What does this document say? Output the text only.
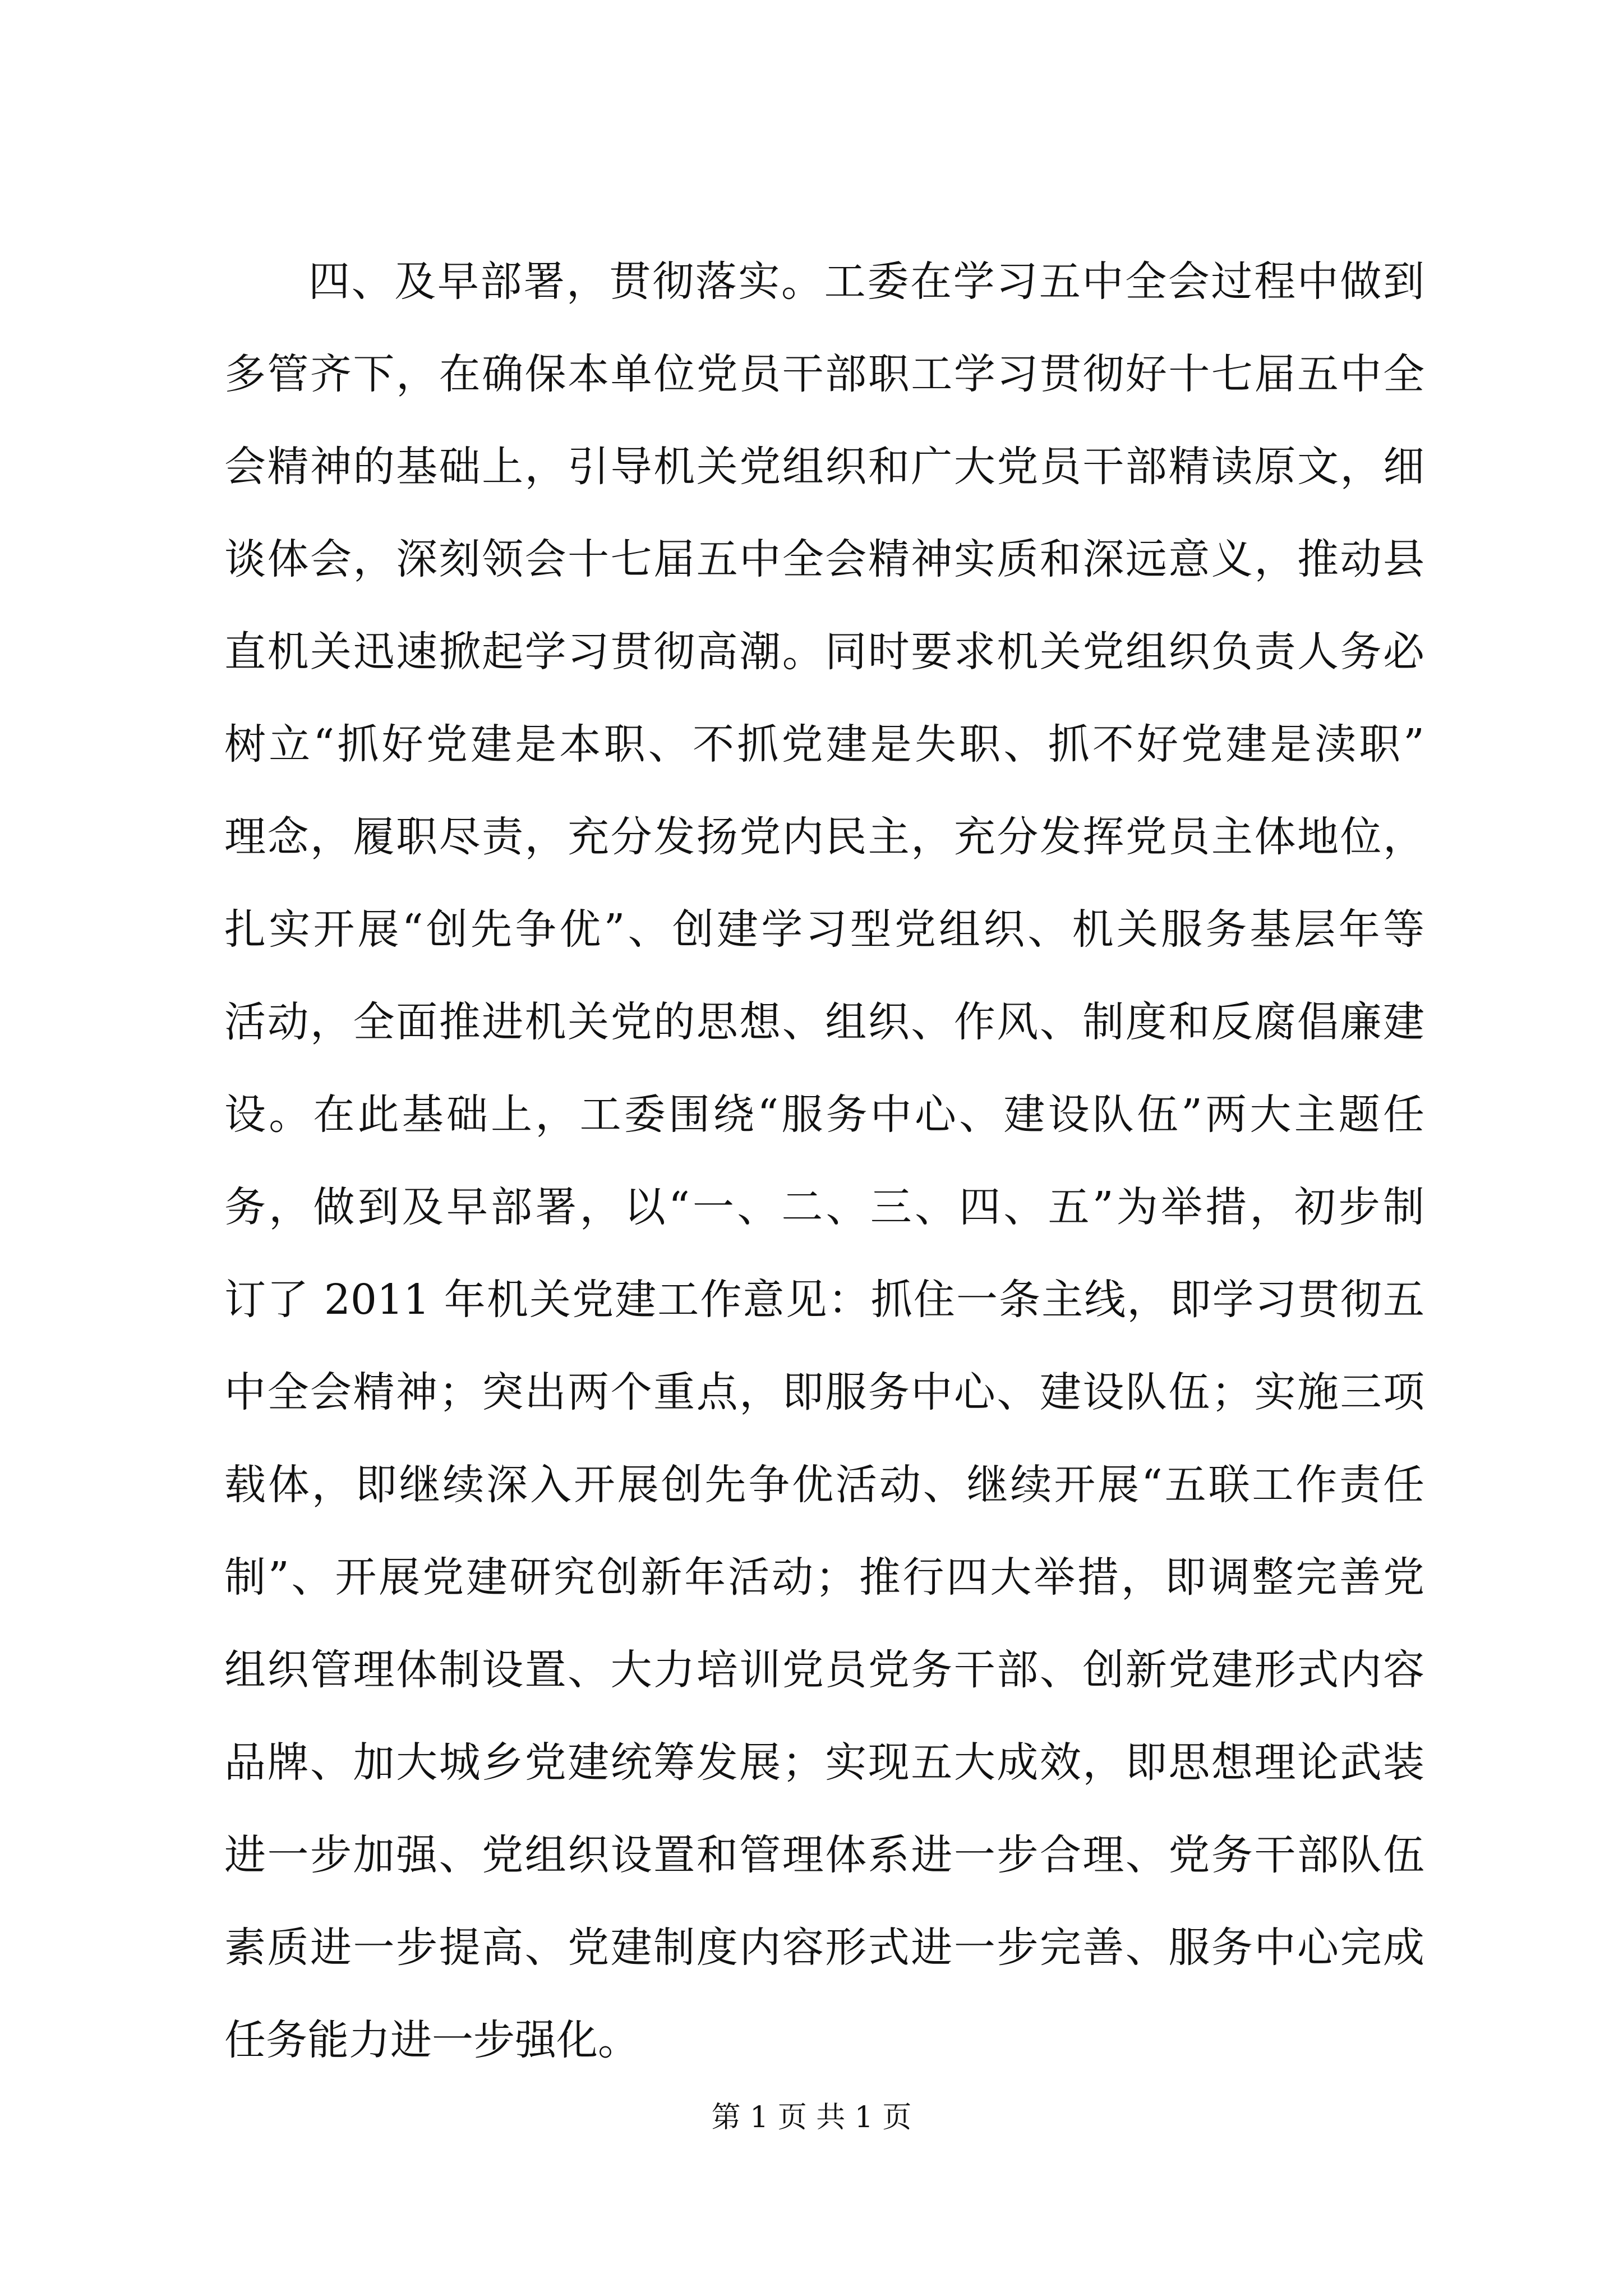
四、及早部署，贯彻落实。工委在学习五中全会过程中做到
多管齐下，在确保本单位党员干部职工学习贯彻好十七届五中全
会精神的基础上，引导机关党组织和广大党员干部精读原文，细
谈体会，深刻领会十七届五中全会精神实质和深远意义，推动县
直机关迅速掀起学习贯彻高潮。同时要求机关党组织负责人务必
树立“抓好党建是本职、不抓党建是失职、抓不好党建是渎职”
理念，履职尽责，充分发扬党内民主，充分发挥党员主体地位，
扎实开展“创先争优”、创建学习型党组织、机关服务基层年等
活动，全面推进机关党的思想、组织、作风、制度和反腐倡廉建
设。在此基础上，工委围绕“服务中心、建设队伍”两大主题任
务，做到及早部署，以“一、二、三、四、五”为举措，初步制
订了 2011 年机关党建工作意见：抓住一条主线，即学习贯彻五
中全会精神；突出两个重点，即服务中心、建设队伍；实施三项
载体，即继续深入开展创先争优活动、继续开展“五联工作责任
制”、开展党建研究创新年活动；推行四大举措，即调整完善党
组织管理体制设置、大力培训党员党务干部、创新党建形式内容
品牌、加大城乡党建统筹发展；实现五大成效，即思想理论武装
进一步加强、党组织设置和管理体系进一步合理、党务干部队伍
素质进一步提高、党建制度内容形式进一步完善、服务中心完成
任务能力进一步强化。
第 1 页 共 1 页
